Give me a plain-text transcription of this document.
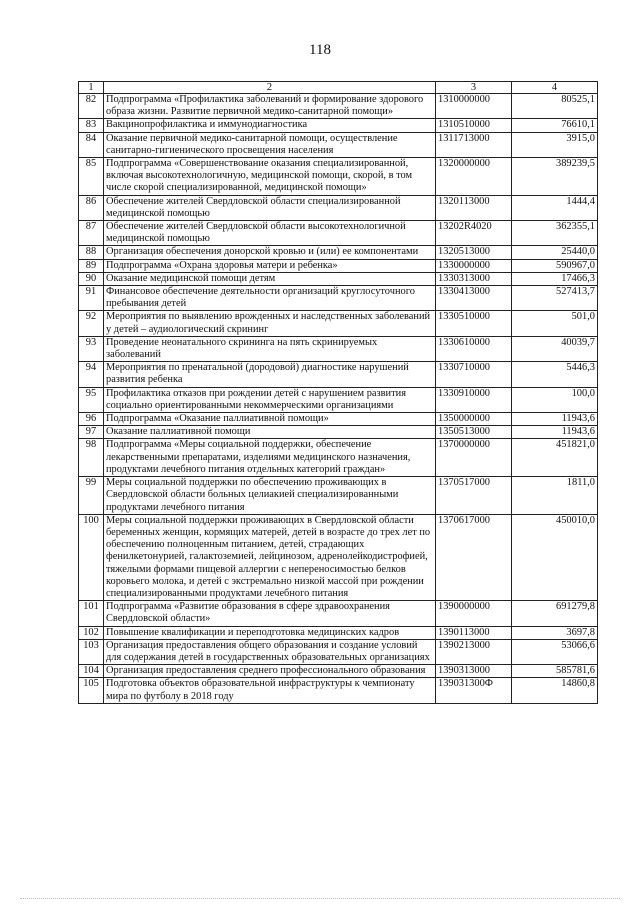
118
1	2	3	4
82	Подпрограмма «Профилактика заболеваний и формирование здорового образа жизни. Развитие первичной медико-санитарной помощи»	1310000000	80525,1
83	Вакцинопрофилактика и иммунодиагностика	1310510000	76610,1
84	Оказание первичной медико-санитарной помощи, осуществление санитарно-гигиенического просвещения населения	1311713000	3915,0
85	Подпрограмма «Совершенствование оказания специализированной, включая высокотехнологичную, медицинской помощи, скорой, в том числе скорой специализированной, медицинской помощи»	1320000000	389239,5
86	Обеспечение жителей Свердловской области специализированной медицинской помощью	1320113000	1444,4
87	Обеспечение жителей Свердловской области высокотехнологичной медицинской помощью	13202R4020	362355,1
88	Организация обеспечения донорской кровью и (или) ее компонентами	1320513000	25440,0
89	Подпрограмма «Охрана здоровья матери и ребенка»	1330000000	590967,0
90	Оказание медицинской помощи детям	1330313000	17466,3
91	Финансовое обеспечение деятельности организаций круглосуточного пребывания детей	1330413000	527413,7
92	Мероприятия по выявлению врожденных и наследственных заболеваний у детей – аудиологический скрининг	1330510000	501,0
93	Проведение неонатального скрининга на пять скринируемых заболеваний	1330610000	40039,7
94	Мероприятия по пренатальной (дородовой) диагностике нарушений развития ребенка	1330710000	5446,3
95	Профилактика отказов при рождении детей с нарушением развития социально ориентированными некоммерческими организациями	1330910000	100,0
96	Подпрограмма «Оказание паллиативной помощи»	1350000000	11943,6
97	Оказание паллиативной помощи	1350513000	11943,6
98	Подпрограмма «Меры социальной поддержки, обеспечение лекарственными препаратами, изделиями медицинского назначения, продуктами лечебного питания отдельных категорий граждан»	1370000000	451821,0
99	Меры социальной поддержки по обеспечению проживающих в Свердловской области больных целиакией специализированными продуктами лечебного питания	1370517000	1811,0
100	Меры социальной поддержки проживающих в Свердловской области беременных женщин, кормящих матерей, детей в возрасте до трех лет по обеспечению полноценным питанием, детей, страдающих фенилкетонурией, галактоземией, лейцинозом, адренолейкодистрофией, тяжелыми формами пищевой аллергии с непереносимостью белков коровьего молока, и детей с экстремально низкой массой при рождении специализированными продуктами лечебного питания	1370617000	450010,0
101	Подпрограмма «Развитие образования в сфере здравоохранения Свердловской области»	1390000000	691279,8
102	Повышение квалификации и переподготовка медицинских кадров	1390113000	3697,8
103	Организация предоставления общего образования и создание условий для содержания детей в государственных образовательных организациях	1390213000	53066,6
104	Организация предоставления среднего профессионального образования	1390313000	585781,6
105	Подготовка объектов образовательной инфраструктуры к чемпионату мира по футболу в 2018 году	139031300Ф	14860,8
